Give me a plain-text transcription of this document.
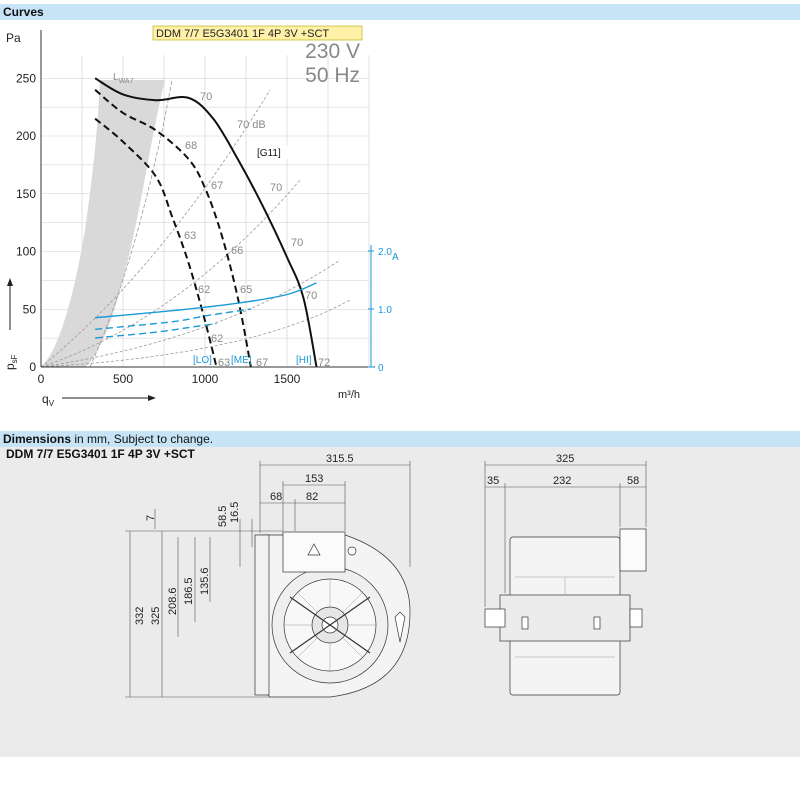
Curves
0	500	1000	1500
0
50
100
150
200
250
0
1.0
2.0
Pa
m³/h
A
$p_{sF}$
$q_V$
DDM 7/7 E5G3401 1F 4P 3V +SCT
230 V
50 Hz
$L_{WA7}$
70
70 dB
68
67	70
66
63
70
62	65	70
62
63 67	72
[G11]
[LO] [ME]	[HI]
Dimensions in mm, Subject to change.
DDM 7/7 E5G3401 1F 4P 3V +SCT	315.5
153
68 82
58.5 16.5
7
135.6
186.5
208.6
325
332
325
35	232	58
